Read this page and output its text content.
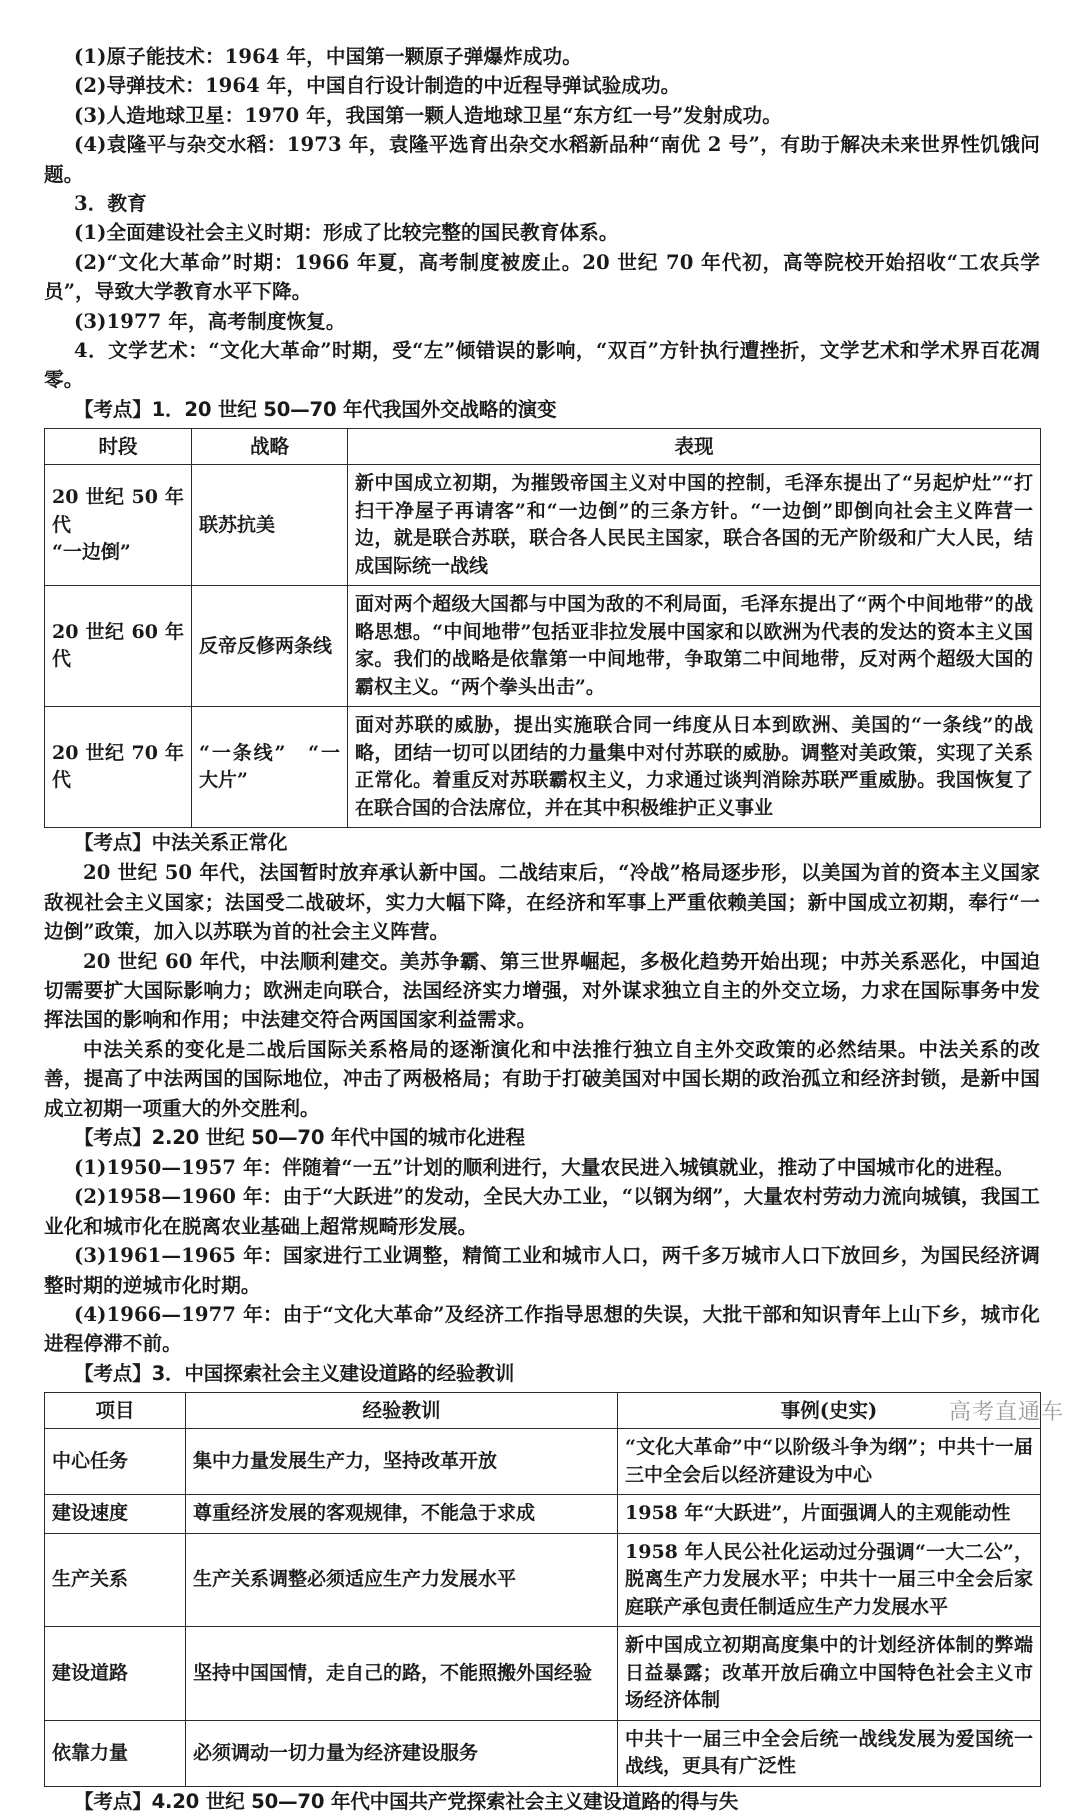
(1)原子能技术：1964 年，中国第一颗原子弹爆炸成功。

(2)导弹技术：1964 年，中国自行设计制造的中近程导弹试验成功。

(3)人造地球卫星：1970 年，我国第一颗人造地球卫星“东方红一号”发射成功。

(4)袁隆平与杂交水稻：1973 年，袁隆平选育出杂交水稻新品种“南优 2 号”，有助于解决未来世界性饥饿问题。

3．教育

(1)全面建设社会主义时期：形成了比较完整的国民教育体系。

(2)“文化大革命”时期：1966 年夏，高考制度被废止。20 世纪 70 年代初，高等院校开始招收“工农兵学员”，导致大学教育水平下降。

(3)1977 年，高考制度恢复。

4．文学艺术：“文化大革命”时期，受“左”倾错误的影响，“双百”方针执行遭挫折，文学艺术和学术界百花凋零。

【考点】1．20 世纪 50—70 年代我国外交战略的演变

时段	战略	表现
20 世纪 50 年代
“一边倒”	联苏抗美	新中国成立初期，为摧毁帝国主义对中国的控制，毛泽东提出了“另起炉灶”“打扫干净屋子再请客”和“一边倒”的三条方针。“一边倒”即倒向社会主义阵营一边，就是联合苏联，联合各人民民主国家，联合各国的无产阶级和广大人民，结成国际统一战线
20 世纪 60 年代	反帝反修两条线	面对两个超级大国都与中国为敌的不利局面，毛泽东提出了“两个中间地带”的战略思想。“中间地带”包括亚非拉发展中国家和以欧洲为代表的发达的资本主义国家。我们的战略是依靠第一中间地带，争取第二中间地带，反对两个超级大国的霸权主义。“两个拳头出击”。
20 世纪 70 年代	“一条线”　“一大片”	面对苏联的威胁，提出实施联合同一纬度从日本到欧洲、美国的“一条线”的战略，团结一切可以团结的力量集中对付苏联的威胁。调整对美政策，实现了关系正常化。着重反对苏联霸权主义，力求通过谈判消除苏联严重威胁。我国恢复了在联合国的合法席位，并在其中积极维护正义事业

【考点】中法关系正常化

20 世纪 50 年代，法国暂时放弃承认新中国。二战结束后，“冷战”格局逐步形，以美国为首的资本主义国家敌视社会主义国家；法国受二战破坏，实力大幅下降，在经济和军事上严重依赖美国；新中国成立初期，奉行“一边倒”政策，加入以苏联为首的社会主义阵营。

20 世纪 60 年代，中法顺利建交。美苏争霸、第三世界崛起，多极化趋势开始出现；中苏关系恶化，中国迫切需要扩大国际影响力；欧洲走向联合，法国经济实力增强，对外谋求独立自主的外交立场，力求在国际事务中发挥法国的影响和作用；中法建交符合两国国家利益需求。

中法关系的变化是二战后国际关系格局的逐渐演化和中法推行独立自主外交政策的必然结果。中法关系的改善，提高了中法两国的国际地位，冲击了两极格局；有助于打破美国对中国长期的政治孤立和经济封锁，是新中国成立初期一项重大的外交胜利。

【考点】2.20 世纪 50—70 年代中国的城市化进程

(1)1950—1957 年：伴随着“一五”计划的顺利进行，大量农民进入城镇就业，推动了中国城市化的进程。

(2)1958—1960 年：由于“大跃进”的发动，全民大办工业，“以钢为纲”，大量农村劳动力流向城镇，我国工业化和城市化在脱离农业基础上超常规畸形发展。

(3)1961—1965 年：国家进行工业调整，精简工业和城市人口，两千多万城市人口下放回乡，为国民经济调整时期的逆城市化时期。

(4)1966—1977 年：由于“文化大革命”及经济工作指导思想的失误，大批干部和知识青年上山下乡，城市化进程停滞不前。

【考点】3．中国探索社会主义建设道路的经验教训

项目	经验教训	事例(史实)
中心任务	集中力量发展生产力，坚持改革开放	“文化大革命”中“以阶级斗争为纲”；中共十一届三中全会后以经济建设为中心
建设速度	尊重经济发展的客观规律，不能急于求成	1958 年“大跃进”，片面强调人的主观能动性
生产关系	生产关系调整必须适应生产力发展水平	1958 年人民公社化运动过分强调“一大二公”，脱离生产力发展水平；中共十一届三中全会后家庭联产承包责任制适应生产力发展水平
建设道路	坚持中国国情，走自己的路，不能照搬外国经验	新中国成立初期高度集中的计划经济体制的弊端日益暴露；改革开放后确立中国特色社会主义市场经济体制
依靠力量	必须调动一切力量为经济建设服务	中共十一届三中全会后统一战线发展为爱国统一战线，更具有广泛性

【考点】4.20 世纪 50—70 年代中国共产党探索社会主义建设道路的得与失

高考直通车
